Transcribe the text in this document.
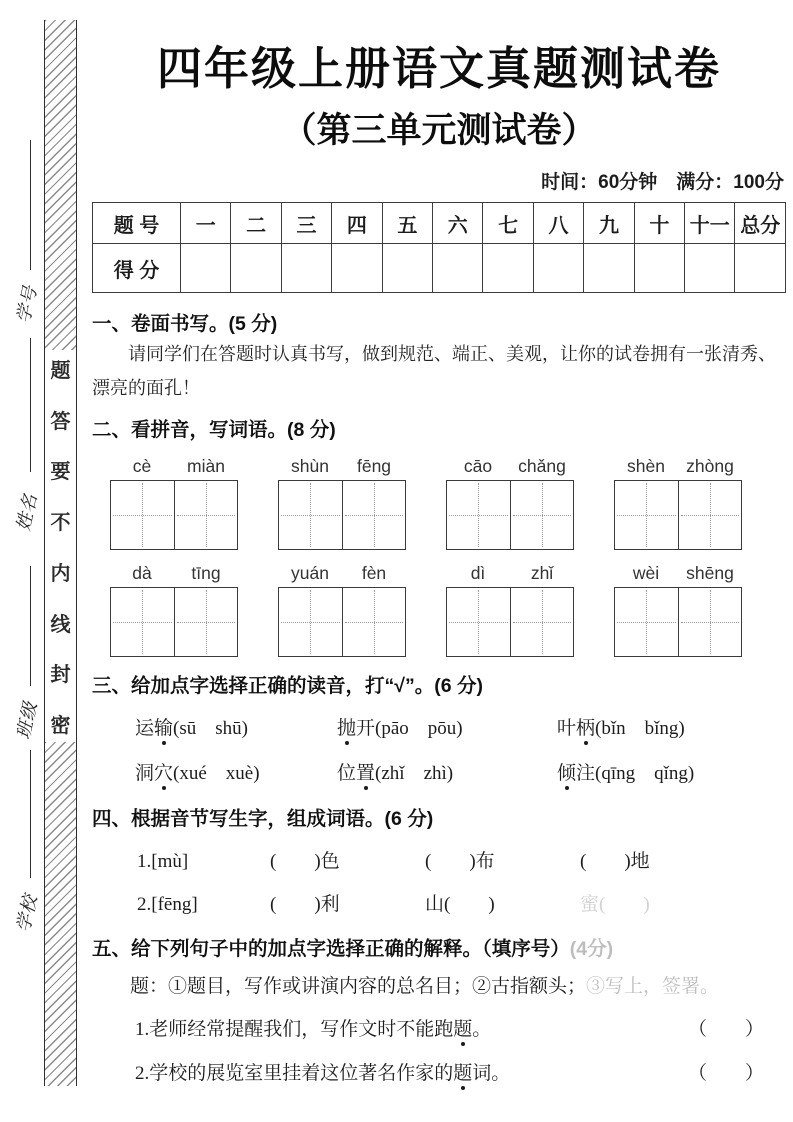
学号
姓名
班级
学校
题
答
要
不
内
线
封
密
四年级上册语文真题测试卷
（第三单元测试卷）
时间：60分钟　满分：100分
题 号	一	二	三	四	五	六	七	八	九	十	十一	总分
得 分												
一、卷面书写。(5 分)
请同学们在答题时认真书写，做到规范、端正、美观，让你的试卷拥有一张清秀、
漂亮的面孔！
二、看拼音，写词语。(8 分)
cè	miàn	shùn	fēng	cāo	chǎng	shèn	zhòng
dà	tīng	yuán	fèn	dì	zhǐ	wèi	shēng
三、给加点字选择正确的读音，打“√”。(6 分)
运输(sū　shū)	抛开(pāo　pōu)	叶柄(bǐn　bǐng)
洞穴(xué　xuè)	位置(zhǐ　zhì)	倾注(qīng　qǐng)
四、根据音节写生字，组成词语。(6 分)
1.[mù]	(　　)色	(　　)布	(　　)地
2.[fēng]	(　　)利	山(　　)	蜜(　　)
五、给下列句子中的加点字选择正确的解释。（填序号）(4分)
题：①题目，写作或讲演内容的总名目；②古指额头；③写上，签署。
1.老师经常提醒我们，写作文时不能跑题。	（　　）
2.学校的展览室里挂着这位著名作家的题词。	（　　）
